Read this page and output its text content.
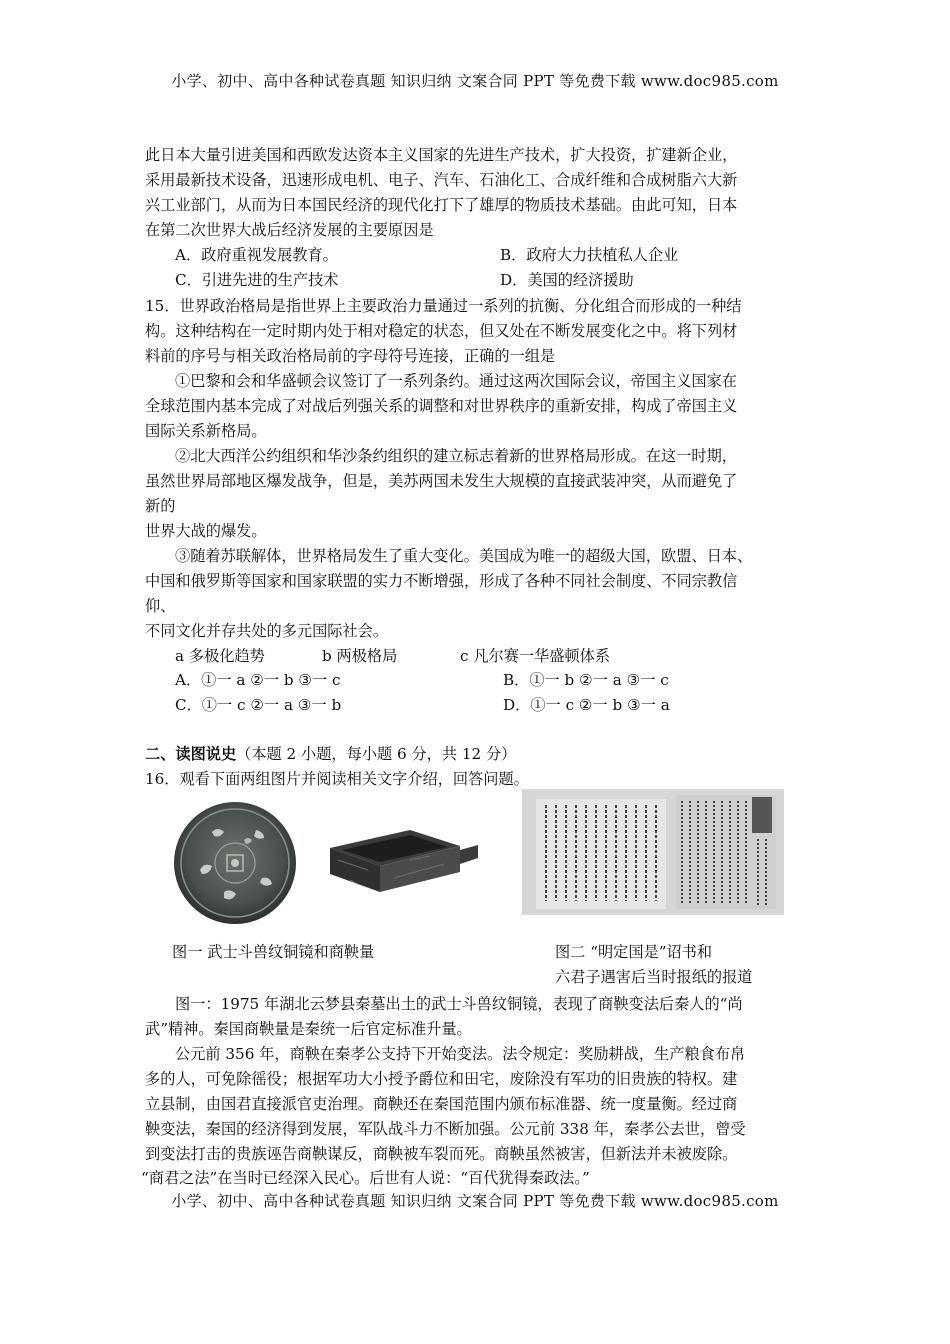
小学、初中、高中各种试卷真题 知识归纳 文案合同 PPT 等免费下载 www.doc985.com
此日本大量引进美国和西欧发达资本主义国家的先进生产技术，扩大投资，扩建新企业，
采用最新技术设备，迅速形成电机、电子、汽车、石油化工、合成纤维和合成树脂六大新
兴工业部门，从而为日本国民经济的现代化打下了雄厚的物质技术基础。由此可知，日本
在第二次世界大战后经济发展的主要原因是
A．政府重视发展教育。	B．政府大力扶植私人企业
C．引进先进的生产技术	D．美国的经济援助
15．世界政治格局是指世界上主要政治力量通过一系列的抗衡、分化组合而形成的一种结
构。这种结构在一定时期内处于相对稳定的状态，但又处在不断发展变化之中。将下列材
料前的序号与相关政治格局前的字母符号连接，正确的一组是
①巴黎和会和华盛顿会议签订了一系列条约。通过这两次国际会议，帝国主义国家在
全球范围内基本完成了对战后列强关系的调整和对世界秩序的重新安排，构成了帝国主义
国际关系新格局。
②北大西洋公约组织和华沙条约组织的建立标志着新的世界格局形成。在这一时期，
虽然世界局部地区爆发战争，但是，美苏两国未发生大规模的直接武装冲突，从而避免了
新的
世界大战的爆发。
③随着苏联解体，世界格局发生了重大变化。美国成为唯一的超级大国，欧盟、日本、
中国和俄罗斯等国家和国家联盟的实力不断增强，形成了各种不同社会制度、不同宗教信
仰、
不同文化并存共处的多元国际社会。
a 多极化趋势	b 两极格局	c 凡尔赛一华盛顿体系
A．①一 a ②一 b ③一 c	B．①一 b ②一 a ③一 c
C．①一 c ②一 a ③一 b	D．①一 c ②一 b ③一 a
二、读图说史（本题 2 小题，每小题 6 分，共 12 分）
16．观看下面两组图片并阅读相关文字介绍，回答问题。
图一 武士斗兽纹铜镜和商鞅量	图二 “明定国是”诏书和
六君子遇害后当时报纸的报道
图一：1975 年湖北云梦县秦墓出土的武士斗兽纹铜镜，表现了商鞅变法后秦人的“尚
武”精神。秦国商鞅量是秦统一后官定标准升量。
公元前 356 年，商鞅在秦孝公支持下开始变法。法令规定：奖励耕战，生产粮食布帛
多的人，可免除徭役；根据军功大小授予爵位和田宅，废除没有军功的旧贵族的特权。建
立县制，由国君直接派官吏治理。商鞅还在秦国范围内颁布标准器、统一度量衡。经过商
鞅变法，秦国的经济得到发展，军队战斗力不断加强。公元前 338 年，秦孝公去世，曾受
到变法打击的贵族诬告商鞅谋反，商鞅被车裂而死。商鞅虽然被害，但新法并未被废除。
“商君之法”在当时已经深入民心。后世有人说：“百代犹得秦政法。”
小学、初中、高中各种试卷真题 知识归纳 文案合同 PPT 等免费下载 www.doc985.com
